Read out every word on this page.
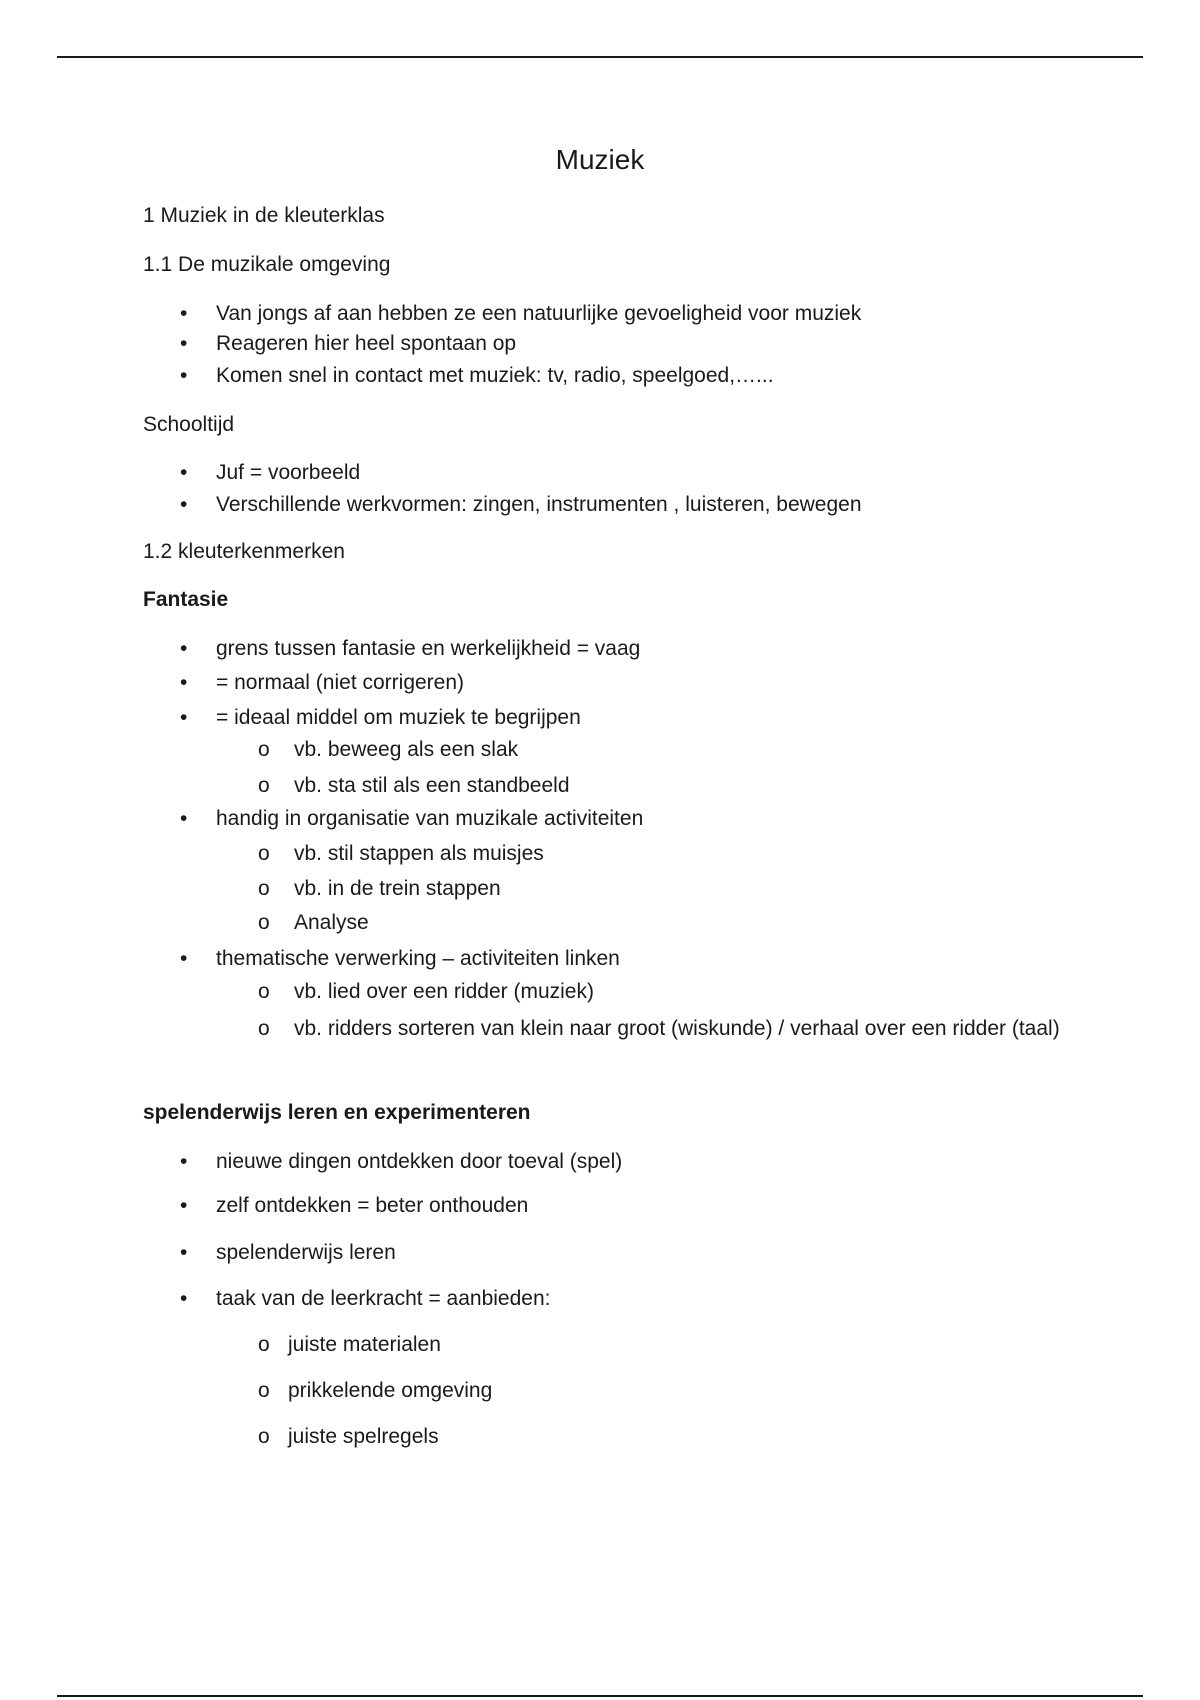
Muziek
1 Muziek in de kleuterklas
1.1 De muzikale omgeving
•	Van jongs af aan hebben ze een natuurlijke gevoeligheid voor muziek
•	Reageren hier heel spontaan op
•	Komen snel in contact met muziek: tv, radio, speelgoed,…...
Schooltijd
•	Juf = voorbeeld
•	Verschillende werkvormen: zingen, instrumenten , luisteren, bewegen
1.2 kleuterkenmerken
Fantasie
•	grens tussen fantasie en werkelijkheid = vaag
•	= normaal (niet corrigeren)
•	= ideaal middel om muziek te begrijpen
o vb. beweeg als een slak
o vb. sta stil als een standbeeld
•	handig in organisatie van muzikale activiteiten
o vb. stil stappen als muisjes
o vb. in de trein stappen
o Analyse
•	thematische verwerking – activiteiten linken
o vb. lied over een ridder (muziek)
o vb. ridders sorteren van klein naar groot (wiskunde) / verhaal over een ridder (taal)
spelenderwijs leren en experimenteren
•	nieuwe dingen ontdekken door toeval (spel)
•	zelf ontdekken = beter onthouden
•	spelenderwijs leren
•	taak van de leerkracht = aanbieden:
o juiste materialen
o prikkelende omgeving
o juiste spelregels
